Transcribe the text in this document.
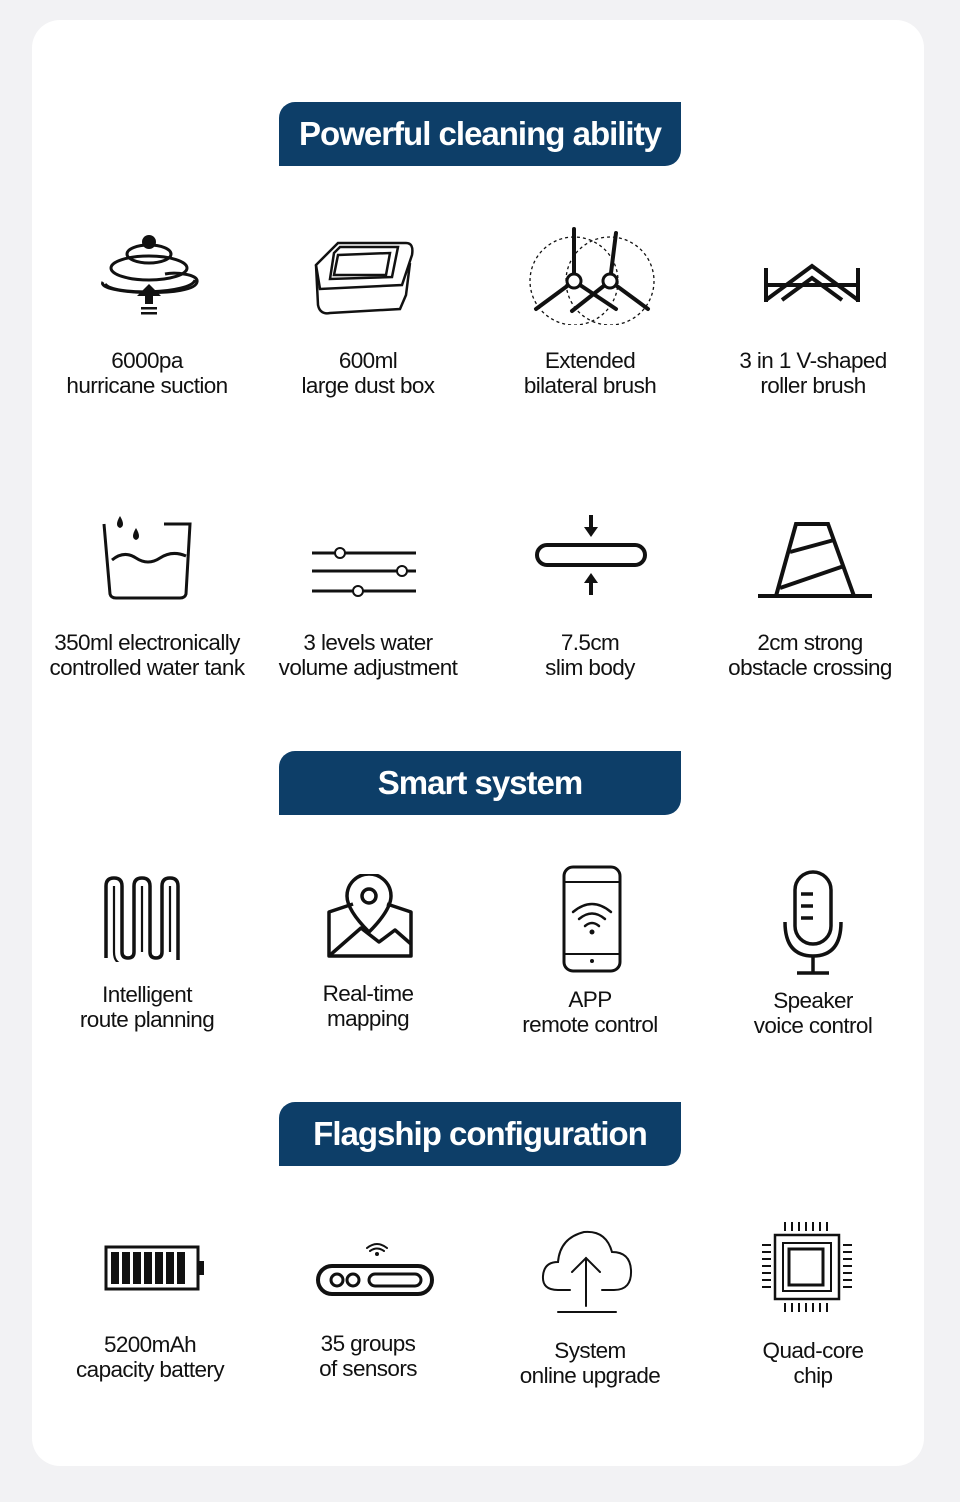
Powerful cleaning ability
6000pa
hurricane suction
600ml
large dust box
Extended
bilateral brush
3 in 1 V-shaped
roller brush
350ml electronically
controlled water tank
3 levels water
volume adjustment
7.5cm
slim body
2cm strong
obstacle crossing
Smart system
Intelligent
route planning
Real-time
mapping
APP
remote control
Speaker
voice control
Flagship configuration
5200mAh
capacity battery
35 groups
of sensors
System
online upgrade
Quad-core
chip
